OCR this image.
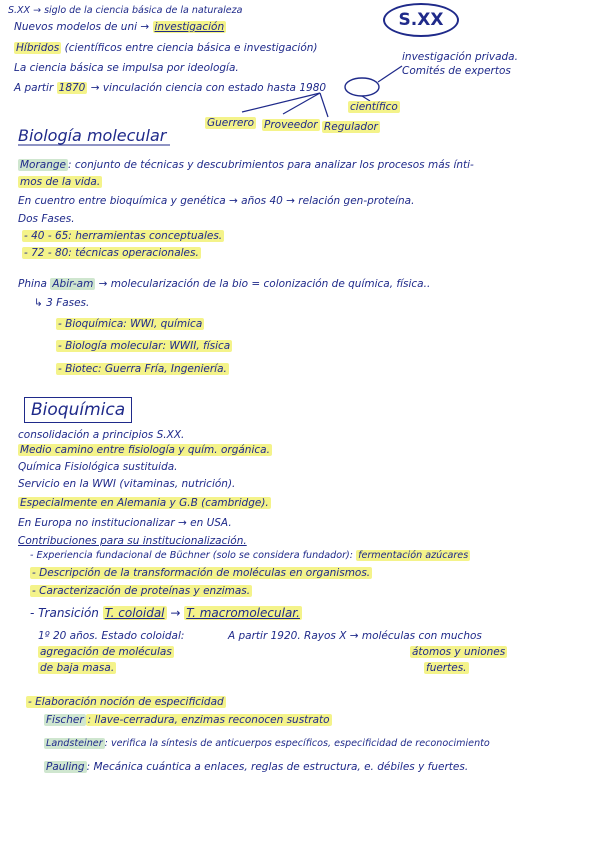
S.XX → siglo de la ciencia básica de la naturaleza	S.XX
Nuevos modelos de uni → investigación
Híbridos (científicos entre ciencia básica e investigación)
investigación privada.
Comités de expertos
La ciencia básica se impulsa por ideología.
A partir 1870 → vinculación ciencia con estado hasta 1980
científico
Guerrero Proveedor Regulador
Biología molecular
Morange : conjunto de técnicas y descubrimientos para analizar los procesos más ínti-
mos de la vida.
En cuentro entre bioquímica y genética → años 40 → relación gen-proteína.
Dos Fases.
- 40 - 65: herramientas conceptuales.
- 72 - 80: técnicas operacionales.
Phina Abir-am → molecularización de la bio = colonización de química, física..
↳ 3 Fases.
- Bioquímica: WWI, química
- Biología molecular: WWII, física
- Biotec: Guerra Fría, Ingeniería.
Bioquímica
consolidación a principios S.XX.
Medio camino entre fisiología y quím. orgánica.
Química Fisiológica sustituida.
Servicio en la WWI (vitaminas, nutrición).
Especialmente en Alemania y G.B (cambridge).
En Europa no institucionalizar → en USA.
Contribuciones para su institucionalización.
- Experiencia fundacional de Büchner (solo se considera fundador): fermentación azúcares
- Descripción de la transformación de moléculas en organismos.
- Caracterización de proteínas y enzimas.
- Transición T. coloidal → T. macromolecular.
1º 20 años. Estado coloidal:
agregación de moléculas
de baja masa.
A partir 1920. Rayos X → moléculas con muchos
átomos y uniones
fuertes.
- Elaboración noción de especificidad
Fischer : llave-cerradura, enzimas reconocen sustrato
Landsteiner : verifica la síntesis de anticuerpos específicos, especificidad de reconocimiento
Pauling : Mecánica cuántica a enlaces, reglas de estructura, e. débiles y fuertes.
